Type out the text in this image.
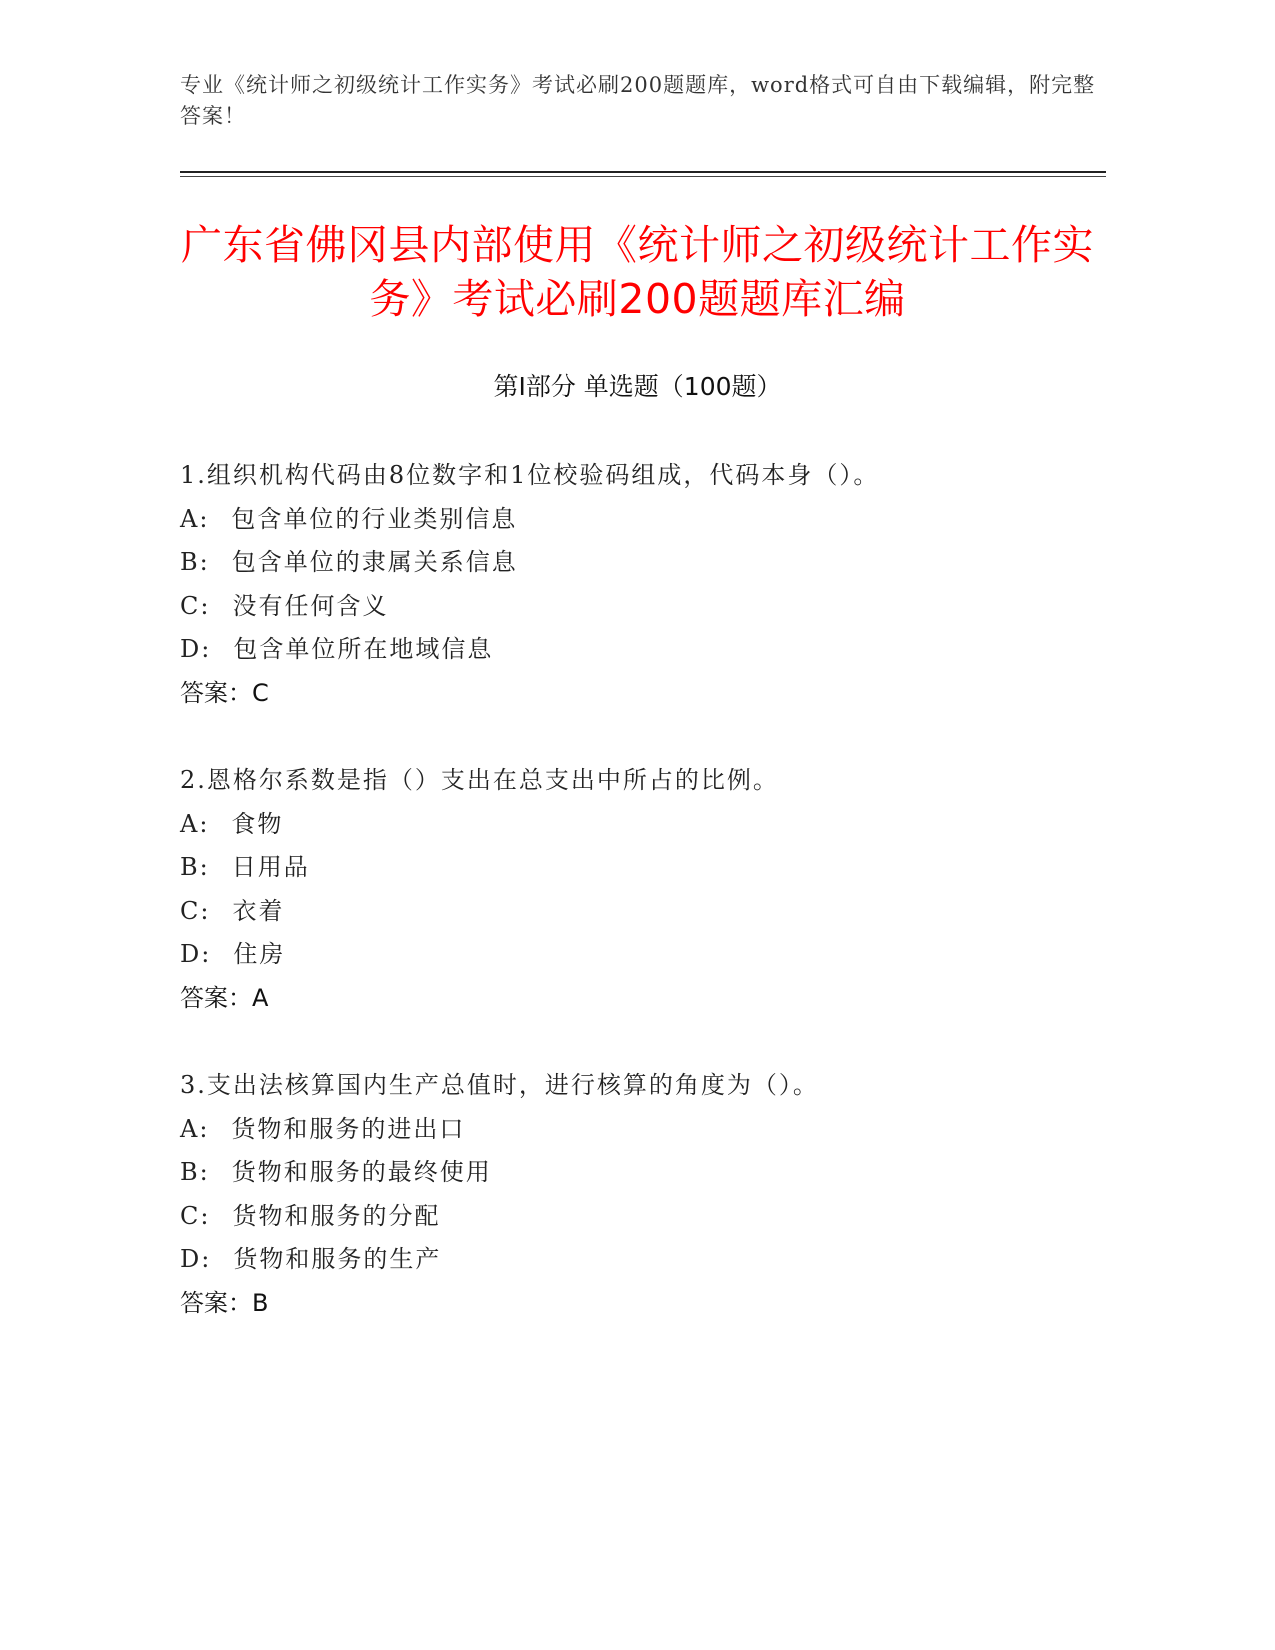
专业《统计师之初级统计工作实务》考试必刷200题题库，word格式可自由下载编辑，附完整答案！
广东省佛冈县内部使用《统计师之初级统计工作实务》考试必刷200题题库汇编
第Ⅰ部分 单选题（100题）
1.组织机构代码由8位数字和1位校验码组成，代码本身（）。
A: 包含单位的行业类别信息
B: 包含单位的隶属关系信息
C: 没有任何含义
D: 包含单位所在地域信息
答案：C
2.恩格尔系数是指（）支出在总支出中所占的比例。
A: 食物
B: 日用品
C: 衣着
D: 住房
答案：A
3.支出法核算国内生产总值时，进行核算的角度为（）。
A: 货物和服务的进出口
B: 货物和服务的最终使用
C: 货物和服务的分配
D: 货物和服务的生产
答案：B
